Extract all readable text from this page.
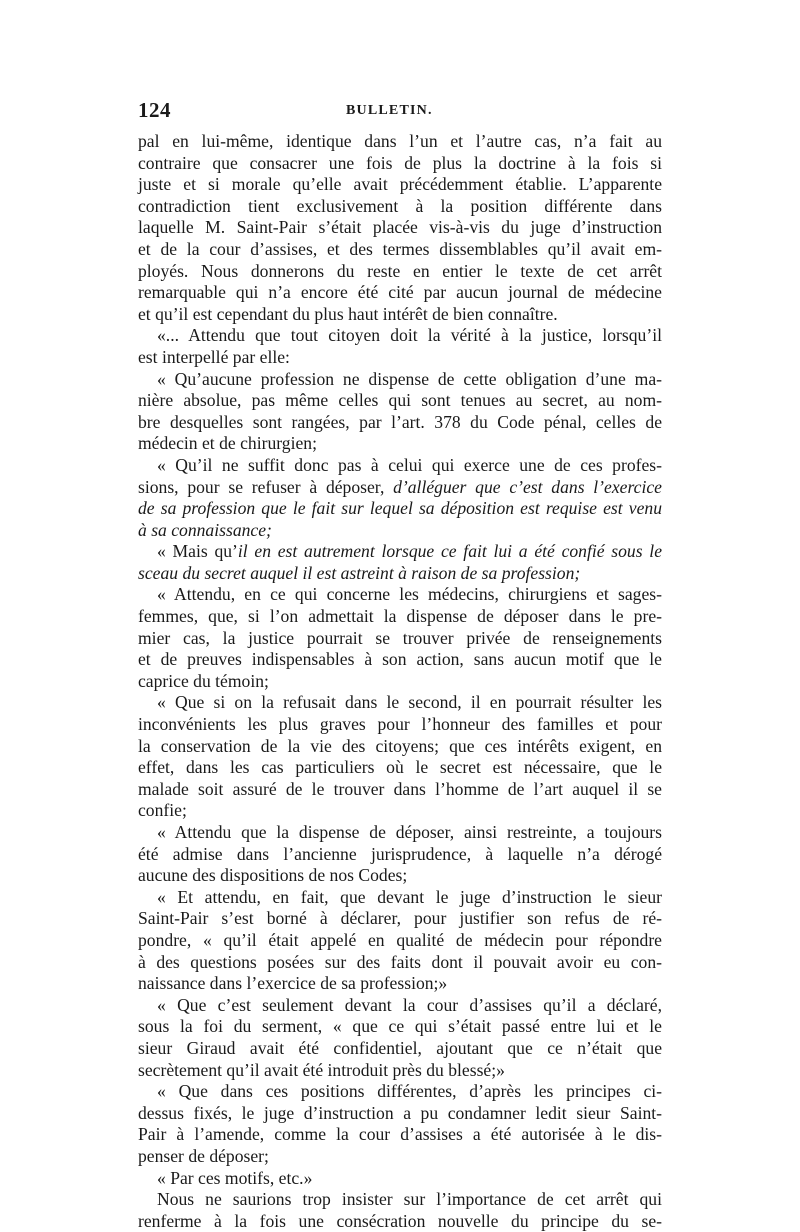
124	BULLETIN.
pal en lui-même, identique dans l’un et l’autre cas, n’a fait au
contraire que consacrer une fois de plus la doctrine à la fois si
juste et si morale qu’elle avait précédemment établie. L’apparente
contradiction tient exclusivement à la position différente dans
laquelle M. Saint-Pair s’était placée vis-à-vis du juge d’instruction
et de la cour d’assises, et des termes dissemblables qu’il avait em-
ployés. Nous donnerons du reste en entier le texte de cet arrêt
remarquable qui n’a encore été cité par aucun journal de médecine
et qu’il est cependant du plus haut intérêt de bien connaître.
«... Attendu que tout citoyen doit la vérité à la justice, lorsqu’il
est interpellé par elle:
« Qu’aucune profession ne dispense de cette obligation d’une ma-
nière absolue, pas même celles qui sont tenues au secret, au nom-
bre desquelles sont rangées, par l’art. 378 du Code pénal, celles de
médecin et de chirurgien;
« Qu’il ne suffit donc pas à celui qui exerce une de ces profes-
sions, pour se refuser à déposer, d’alléguer que c’est dans l’exercice
de sa profession que le fait sur lequel sa déposition est requise est venu
à sa connaissance;
« Mais qu’il en est autrement lorsque ce fait lui a été confié sous le
sceau du secret auquel il est astreint à raison de sa profession;
« Attendu, en ce qui concerne les médecins, chirurgiens et sages-
femmes, que, si l’on admettait la dispense de déposer dans le pre-
mier cas, la justice pourrait se trouver privée de renseignements
et de preuves indispensables à son action, sans aucun motif que le
caprice du témoin;
« Que si on la refusait dans le second, il en pourrait résulter les
inconvénients les plus graves pour l’honneur des familles et pour
la conservation de la vie des citoyens; que ces intérêts exigent, en
effet, dans les cas particuliers où le secret est nécessaire, que le
malade soit assuré de le trouver dans l’homme de l’art auquel il se
confie;
« Attendu que la dispense de déposer, ainsi restreinte, a toujours
été admise dans l’ancienne jurisprudence, à laquelle n’a dérogé
aucune des dispositions de nos Codes;
« Et attendu, en fait, que devant le juge d’instruction le sieur
Saint-Pair s’est borné à déclarer, pour justifier son refus de ré-
pondre, « qu’il était appelé en qualité de médecin pour répondre
à des questions posées sur des faits dont il pouvait avoir eu con-
naissance dans l’exercice de sa profession;»
« Que c’est seulement devant la cour d’assises qu’il a déclaré,
sous la foi du serment, « que ce qui s’était passé entre lui et le
sieur Giraud avait été confidentiel, ajoutant que ce n’était que
secrètement qu’il avait été introduit près du blessé;»
« Que dans ces positions différentes, d’après les principes ci-
dessus fixés, le juge d’instruction a pu condamner ledit sieur Saint-
Pair à l’amende, comme la cour d’assises a été autorisée à le dis-
penser de déposer;
« Par ces motifs, etc.»
Nous ne saurions trop insister sur l’importance de cet arrêt qui
renferme à la fois une consécration nouvelle du principe du se-
